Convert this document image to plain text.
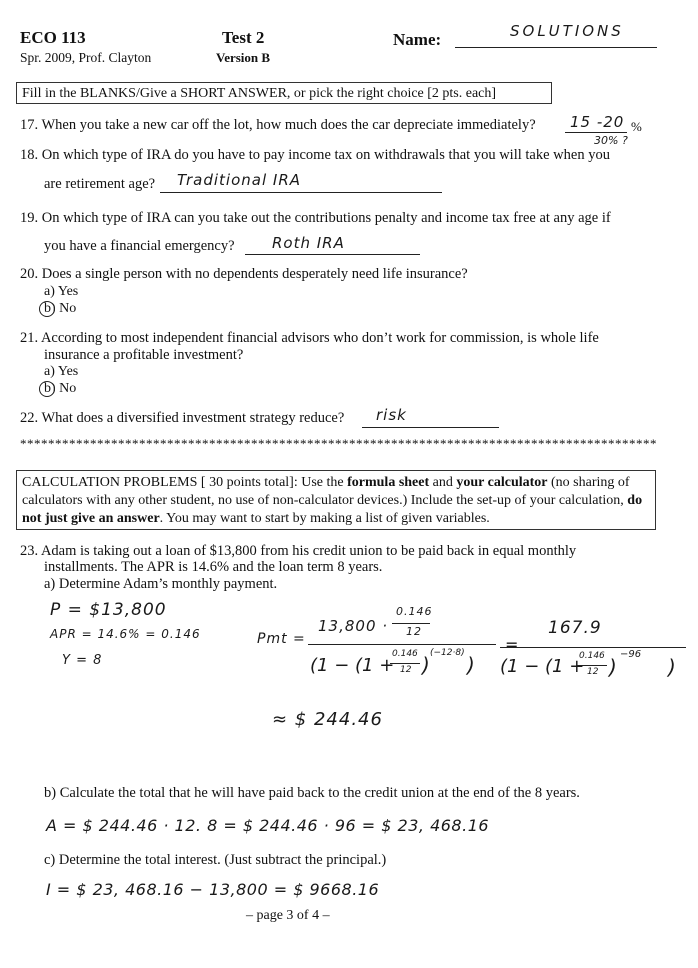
ECO 113
Spr. 2009, Prof. Clayton
Test 2
Version B
Name:	SOLUTIONS
Fill in the BLANKS/Give a SHORT ANSWER, or pick the right choice [2 pts. each]
17. When you take a new car off the lot, how much does the car depreciate immediately? 15 -20 %
30% ?
18. On which type of IRA do you have to pay income tax on withdrawals that you will take when you
are retirement age? Traditional IRA
19. On which type of IRA can you take out the contributions penalty and income tax free at any age if
you have a financial emergency? Roth IRA
20. Does a single person with no dependents desperately need life insurance?
a) Yes
b) No
21. According to most independent financial advisors who don’t work for commission, is whole life
insurance a profitable investment?
a) Yes
b) No
22. What does a diversified investment strategy reduce? risk
*******************************************************************************************
CALCULATION PROBLEMS [ 30 points total]: Use the formula sheet and your calculator (no sharing of calculators with any other student, no use of non-calculator devices.) Include the set-up of your calculation, do not just give an answer. You may want to start by making a list of given variables.
23. Adam is taking out a loan of $13,800 from his credit union to be paid back in equal monthly
installments. The APR is 14.6% and the loan term 8 years.
a) Determine Adam’s monthly payment.
P = $13,800
APR = 14.6% = 0.146
Y = 8
Pmt =
13,800 ·
0.146
12
(1 − (1 +
0.146
12 ) (−12·8) )
=
167.9
(1 − (1 +
0.146
12 )
−96
)
≈ $ 244.46
b) Calculate the total that he will have paid back to the credit union at the end of the 8 years.
A = $ 244.46 · 12. 8 = $ 244.46 · 96 = $ 23, 468.16
c) Determine the total interest. (Just subtract the principal.)
I = $ 23, 468.16 − 13,800 = $ 9668.16
– page 3 of 4 –
